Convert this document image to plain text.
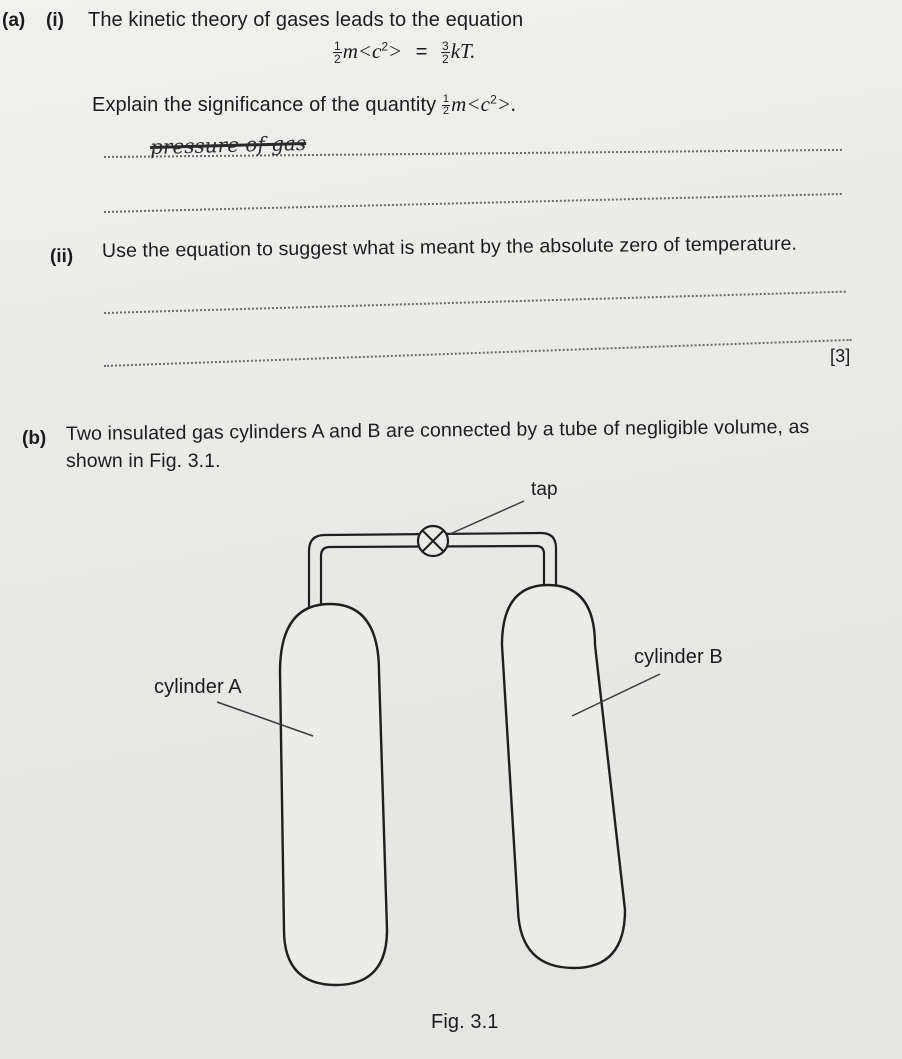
(a) (i) The kinetic theory of gases leads to the equation
$\frac{1}{2} m<c^2> = \frac{3}{2}$ kT.
Explain the significance of the quantity $\frac{1}{2} m<c^2>$.
pressure of gas
(ii) Use the equation to suggest what is meant by the absolute zero of temperature.
[3]
(b) Two insulated gas cylinders A and B are connected by a tube of negligible volume, as
shown in Fig. 3.1.
tap
cylinder A
cylinder B
Fig. 3.1
